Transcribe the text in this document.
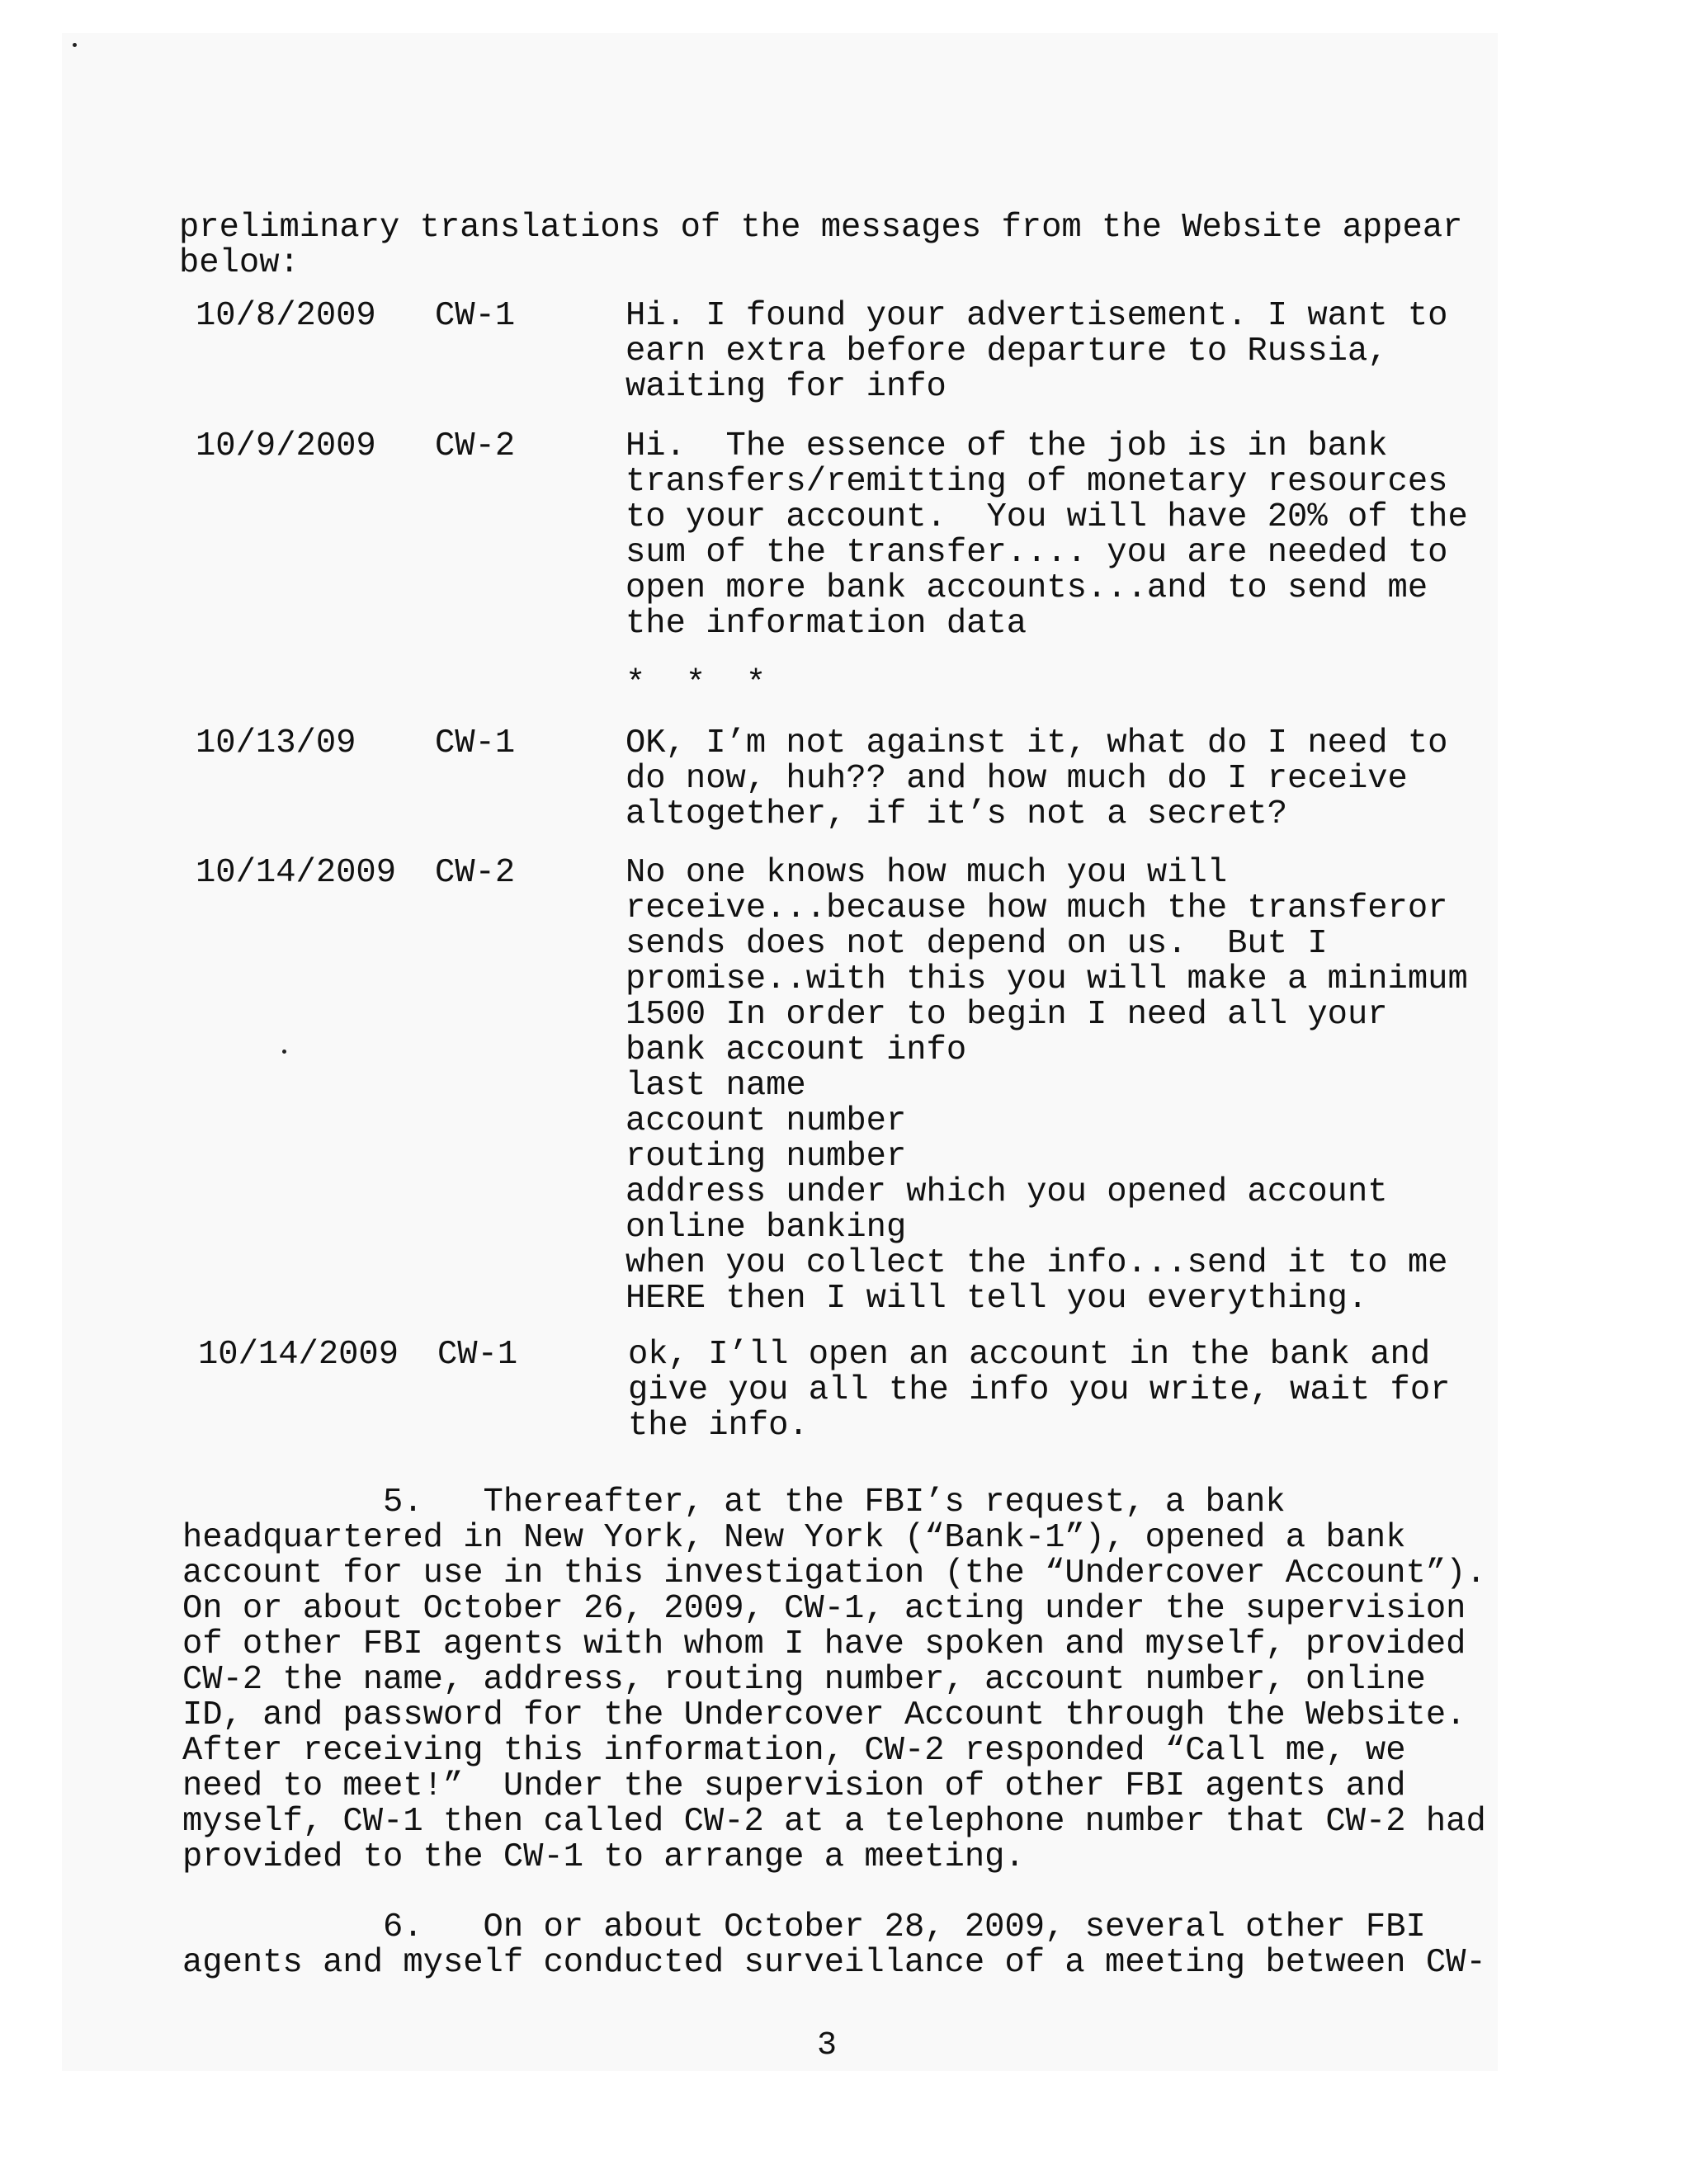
preliminary translations of the messages from the Website appear
below:
10/8/2009 CW-1	Hi. I found your advertisement. I want to
earn extra before departure to Russia,
waiting for info
10/9/2009 CW-2	Hi.  The essence of the job is in bank
transfers/remitting of monetary resources
to your account.  You will have 20% of the
sum of the transfer.... you are needed to
open more bank accounts...and to send me
the information data
*  *  *
10/13/09 CW-1	OK, I’m not against it, what do I need to
do now, huh?? and how much do I receive
altogether, if it’s not a secret?
10/14/2009 CW-2	No one knows how much you will
receive...because how much the transferor
sends does not depend on us.  But I
promise..with this you will make a minimum
1500 In order to begin I need all your
bank account info
last name
account number
routing number
address under which you opened account
online banking
when you collect the info...send it to me
HERE then I will tell you everything.
10/14/2009 CW-1	ok, I’ll open an account in the bank and
give you all the info you write, wait for
the info.
5.   Thereafter, at the FBI’s request, a bank
headquartered in New York, New York (“Bank-1”), opened a bank
account for use in this investigation (the “Undercover Account”).
On or about October 26, 2009, CW-1, acting under the supervision
of other FBI agents with whom I have spoken and myself, provided
CW-2 the name, address, routing number, account number, online
ID, and password for the Undercover Account through the Website.
After receiving this information, CW-2 responded “Call me, we
need to meet!”  Under the supervision of other FBI agents and
myself, CW-1 then called CW-2 at a telephone number that CW-2 had
provided to the CW-1 to arrange a meeting.
6.   On or about October 28, 2009, several other FBI
agents and myself conducted surveillance of a meeting between CW-
3
